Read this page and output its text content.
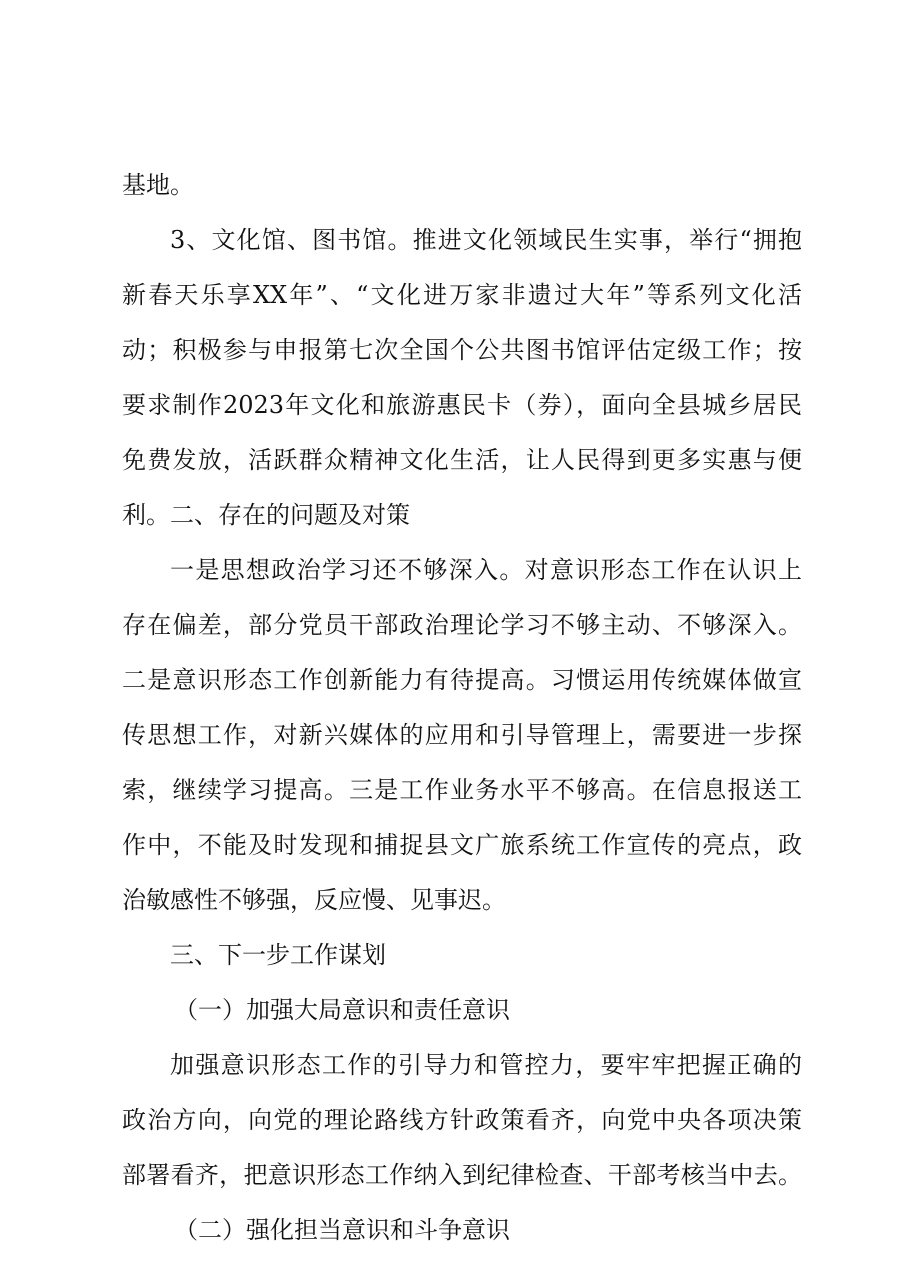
基地。
3、文化馆、图书馆。推进文化领域民生实事，举行“拥抱
新春天乐享XX年”、“文化进万家非遗过大年”等系列文化活
动；积极参与申报第七次全国个公共图书馆评估定级工作；按
要求制作2023年文化和旅游惠民卡（券），面向全县城乡居民
免费发放，活跃群众精神文化生活，让人民得到更多实惠与便
利。二、存在的问题及对策
一是思想政治学习还不够深入。对意识形态工作在认识上
存在偏差，部分党员干部政治理论学习不够主动、不够深入。
二是意识形态工作创新能力有待提高。习惯运用传统媒体做宣
传思想工作，对新兴媒体的应用和引导管理上，需要进一步探
索，继续学习提高。三是工作业务水平不够高。在信息报送工
作中，不能及时发现和捕捉县文广旅系统工作宣传的亮点，政
治敏感性不够强，反应慢、见事迟。
三、下一步工作谋划
（一）加强大局意识和责任意识
加强意识形态工作的引导力和管控力，要牢牢把握正确的
政治方向，向党的理论路线方针政策看齐，向党中央各项决策
部署看齐，把意识形态工作纳入到纪律检查、干部考核当中去。
（二）强化担当意识和斗争意识
